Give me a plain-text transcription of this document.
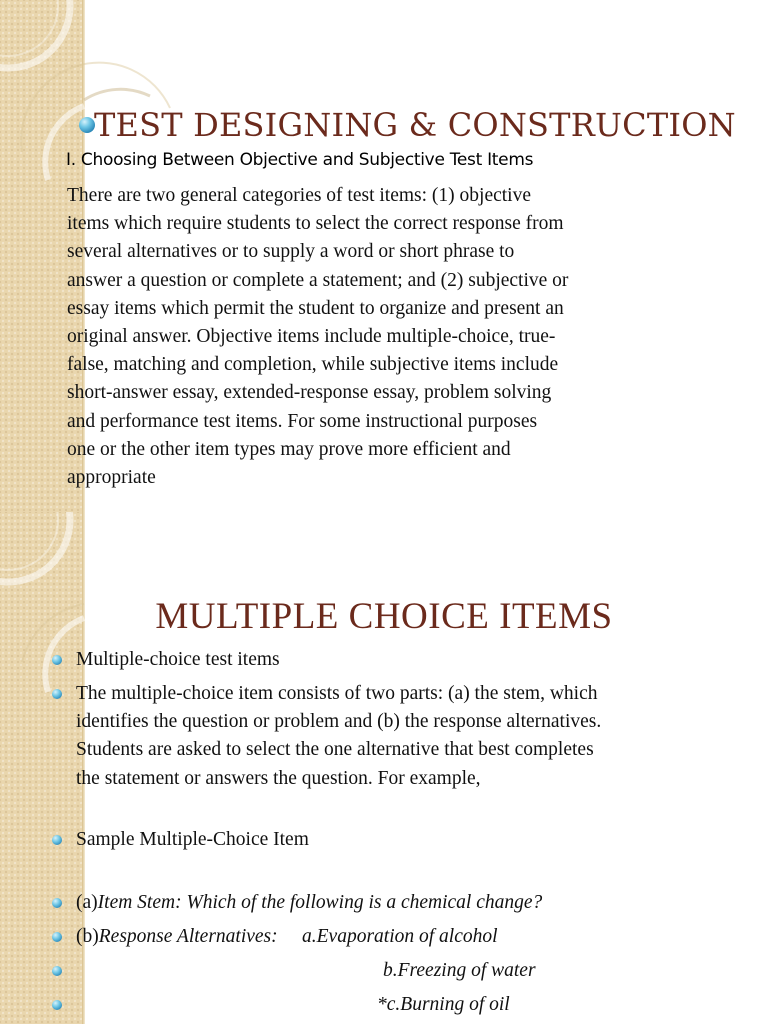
TEST DESIGNING & CONSTRUCTION
I. Choosing Between Objective and Subjective Test Items
There are two general categories of test items: (1) objective
items which require students to select the correct response from
several alternatives or to supply a word or short phrase to
answer a question or complete a statement; and (2) subjective or
essay items which permit the student to organize and present an
original answer. Objective items include multiple-choice, true-
false, matching and completion, while subjective items include
short-answer essay, extended-response essay, problem solving
and performance test items. For some instructional purposes
one or the other item types may prove more efficient and
appropriate
MULTIPLE CHOICE ITEMS
Multiple-choice test items
The multiple-choice item consists of two parts: (a) the stem, which
identifies the question or problem and (b) the response alternatives.
Students are asked to select the one alternative that best completes
the statement or answers the question. For example,
Sample Multiple-Choice Item
(a)Item Stem: Which of the following is a chemical change?
(b)Response Alternatives:     a.Evaporation of alcohol
b.Freezing of water
*c.Burning of oil
